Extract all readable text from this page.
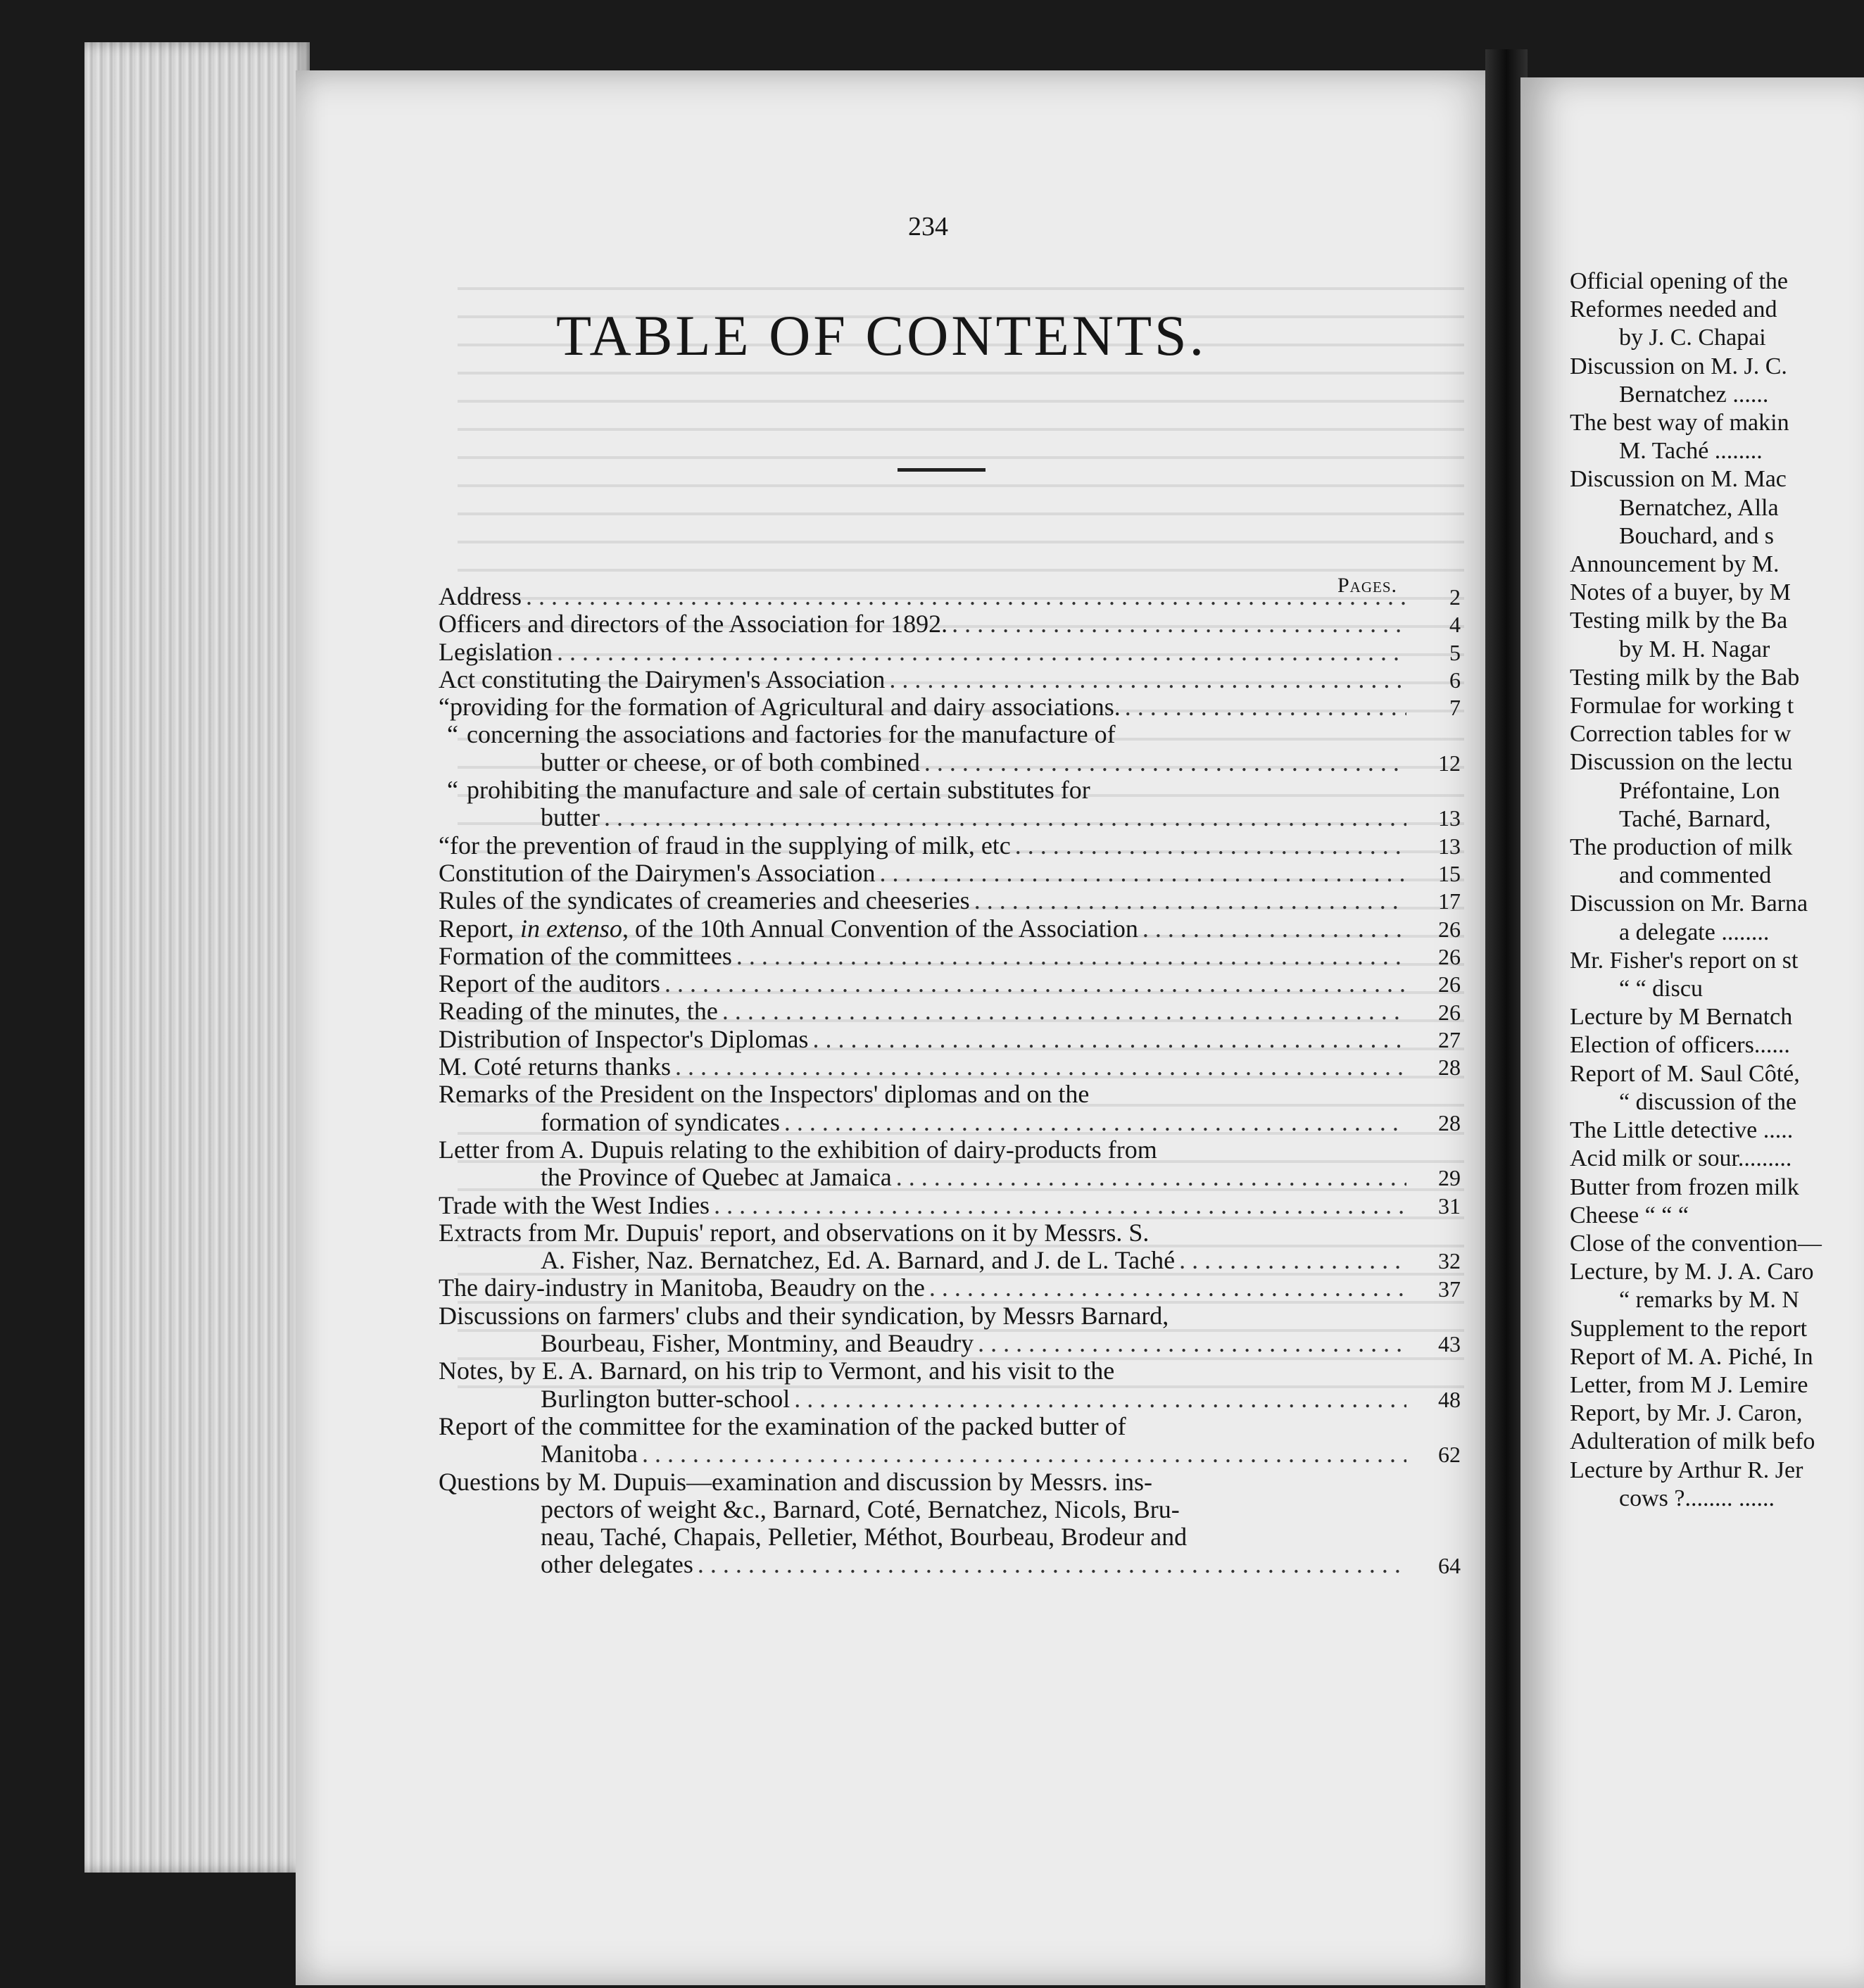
234
TABLE OF CONTENTS.
Pages.
Address
. . .
Officers and directors of the Association for 1892.
. . .
Legislation
. . .
Act constituting the Dairymen's Association
. . .
“ providing for the formation of Agricultural and dairy associations.
. . .
“ concerning the associations and factories for the manufacture of
butter or cheese, or of both combined
. . .
“ prohibiting the manufacture and sale of certain substitutes for
butter
. . .
“ for the prevention of fraud in the supplying of milk, etc
. . .
Constitution of the Dairymen's Association
. . .
Rules of the syndicates of creameries and cheeseries
. . .
Report, in extenso, of the 10th Annual Convention of the Association
. . .
Formation of the committees
. . .
Report of the auditors
. . .
Reading of the minutes, the
. . .
Distribution of Inspector's Diplomas
. . .
M. Coté returns thanks
. . .
Remarks of the President on the Inspectors' diplomas and on the
formation of syndicates
. . .
Letter from A. Dupuis relating to the exhibition of dairy-products from
the Province of Quebec at Jamaica
. . .
Trade with the West Indies
. . .
Extracts from Mr. Dupuis' report, and observations on it by Messrs. S.
A. Fisher, Naz. Bernatchez, Ed. A. Barnard, and J. de L. Taché
. . .
The dairy-industry in Manitoba, Beaudry on the
. . .
Discussions on farmers' clubs and their syndication, by Messrs Barnard,
Bourbeau, Fisher, Montminy, and Beaudry
. . .
Notes, by E. A. Barnard, on his trip to Vermont, and his visit to the
Burlington butter-school
. . .
Report of the committee for the examination of the packed butter of
Manitoba
. . .
Questions by M. Dupuis—examination and discussion by Messrs. ins-
pectors of weight &c., Barnard, Coté, Bernatchez, Nicols, Bru-
neau, Taché, Chapais, Pelletier, Méthot, Bourbeau, Brodeur and
other delegates
. . .
2
4
5
6
7
12
13
13
15
17
26
26
26
26
27
28
28
29
31
32
37
43
48
62
64
Official opening of the
Reformes needed and
by J. C. Chapai
Discussion on M. J. C.
Bernatchez ......
The best way of makin
M. Taché ........
Discussion on M. Mac
Bernatchez, Alla
Bouchard, and s
Announcement by M.
Notes of a buyer, by M
Testing milk by the Ba
by M. H. Nagar
Testing milk by the Bab
Formulae for working t
Correction tables for w
Discussion on the lectu
Préfontaine, Lon
Taché, Barnard,
The production of milk
and commented
Discussion on Mr. Barna
a delegate ........
Mr. Fisher's report on st
“ “ discu
Lecture by M Bernatch
Election of officers......
Report of M. Saul Côté,
“ discussion of the
The Little detective .....
Acid milk or sour.........
Butter from frozen milk
Cheese “ “ “
Close of the convention—
Lecture, by M. J. A. Caro
“ remarks by M. N
Supplement to the report
Report of M. A. Piché, In
Letter, from M J. Lemire
Report, by Mr. J. Caron,
Adulteration of milk befo
Lecture by Arthur R. Jer
cows ?........ ......
